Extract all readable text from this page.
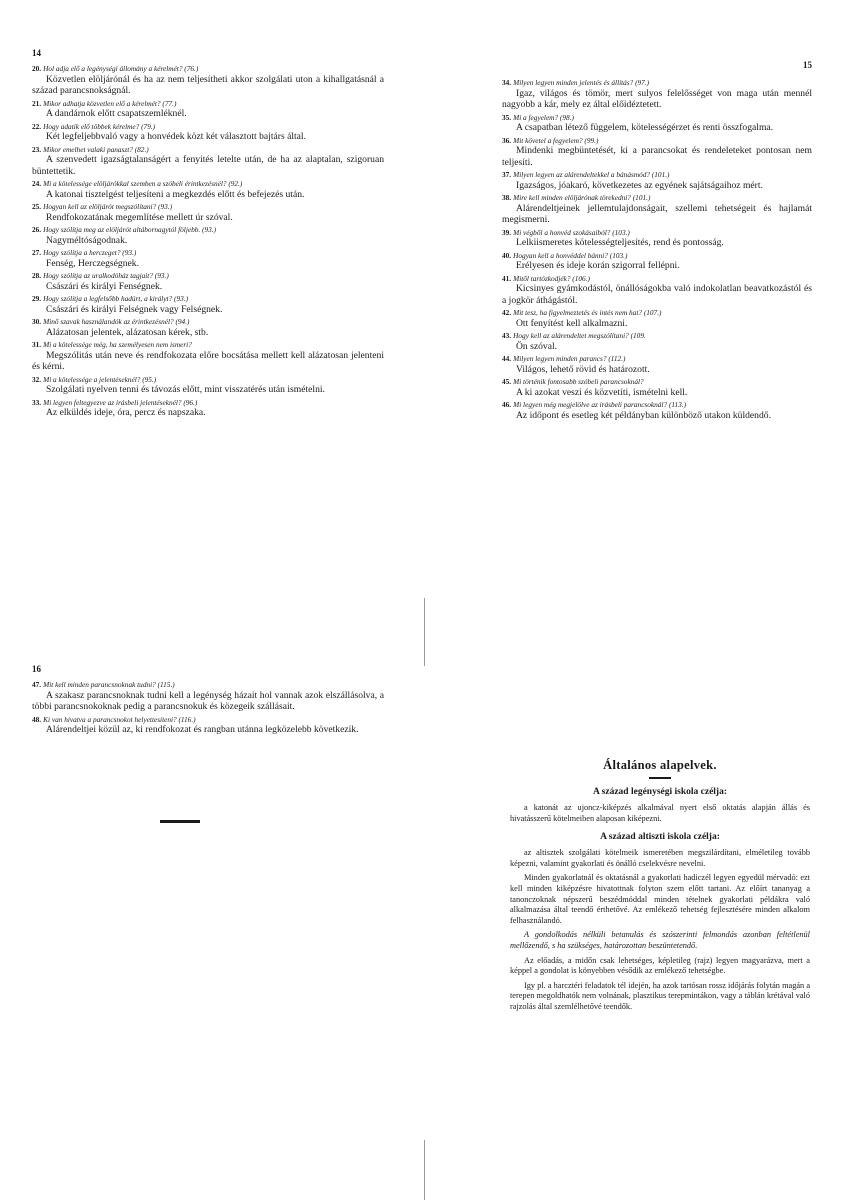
14
20. Hol adja elő a legénységi állomány a kérelmét? (76.)

Közvetlen elöljárónál és ha az nem teljesítheti akkor szolgálati uton a kihallgatásnál a század parancsnokságnál.

21. Mikor adhatja közvetlen elő a kérelmét? (77.)

A dandárnok előtt csapatszemléknél.

22. Hogy adatik elő többek kérelme? (79.)

Két legfeljebbvaló vagy a honvédek közt két választott bajtárs által.

23. Mikor emelhet valaki panaszt? (82.)

A szenvedett igazságtalanságért a fenyités letelte után, de ha az alaptalan, szigoruan büntettetik.

24. Mi a kötelessége elöljárókkal szemben a szóbeli érintkezésnél? (92.)

A katonai tisztelgést teljesíteni a megkezdés előtt és befejezés után.

25. Hogyan kell az elöljárót megszólítani? (93.)

Rendfokozatának megemlítése mellett úr szóval.

26. Hogy szólítja meg az elöljárót altábornagytól följebb. (93.)

Nagyméltóságodnak.

27. Hogy szólítja a herczeget? (93.)

Fenség, Herczegségnek.

28. Hogy szólítja az uralkodóház tagjait? (93.)

Császári és királyi Fenségnek.

29. Hogy szólítja a legfelsőbb hadúrt, a királyt? (93.)

Császári és királyi Felségnek vagy Felségnek.

30. Minő szavak használandók az érintkezésnél? (94.)

Alázatosan jelentek, alázatosan kérek, stb.

31. Mi a kötelessége még, ha személyesen nem ismeri?

Megszólitás után neve és rendfokozata előre bocsátása mellett kell alázatosan jelenteni és kérni.

32. Mi a kötelessége a jelentéseknél? (95.)

Szolgálati nyelven tenni és távozás előtt, mint visszatérés után ismételni.

33. Mi legyen feltegyezve az irásbeli jelentéseknél? (96.)

Az elküldés ideje, óra, percz és napszaka.

15
34. Milyen legyen minden jelentés és állítás? (97.)

Igaz, világos és tömör, mert sulyos felelősséget von maga után mennél nagyobb a kár, mely ez által előidéztetett.

35. Mi a fegyelem? (98.)

A csapatban létező függelem, kötelességérzet és renti összfogalma.

36. Mit követel a fegyelem? (99.)

Mindenki megbüntetését, ki a parancsokat és rendeleteket pontosan nem teljesíti.

37. Milyen legyen az alárendeltekkel a bánásmód? (101.)

Igazságos, jóakaró, következetes az egyének sajátságaihoz mért.

38. Mire kell minden elöljárónak törekedni? (101.)

Alárendeltjeinek jellemtulajdonságait, szellemi tehetségeit és hajlamát megismerni.

39. Mi végből a honvéd szokásaiból? (103.)

Lelkiismeretes kötelességteljesítés, rend és pontosság.

40. Hogyan kell a honvéddel bánni? (103.)

Erélyesen és ideje korán szigorral fellépni.

41. Mitől tartózkodjék? (106.)

Kicsinyes gyámkodástól, önállóságokba való indokolatlan beavatkozástól és a jogkör áthágástól.

42. Mit tesz, ha figyelmeztetés és intés nem hat? (107.)

Ott fenyítést kell alkalmazni.

43. Hogy kell az alárendeltet megszólítani? (109.

Ön szóval.

44. Milyen legyen minden parancs? (112.)

Világos, lehető rövid és határozott.

45. Mi történik fontosabb szóbeli parancsoknál?

A ki azokat veszi és közvetíti, ismételni kell.

46. Mi legyen még megjelölve az irásbeli parancsoknál? (113.)

Az időpont és esetleg két példányban különböző utakon küldendő.

16
47. Mit kell minden parancsnoknak tudni? (115.)

A szakasz parancsnoknak tudni kell a legénység házait hol vannak azok elszállásolva, a többi parancsnokoknak pedig a parancsnokuk és közegeik szállásait.

48. Ki van hivatva a parancsnokot helyettesíteni? (116.)

Alárendeltjei közül az, ki rendfokozat és rangban utánna legközelebb következik.

Általános alapelvek.
A század legénységi iskola czélja:

a katonát az ujoncz-kiképzés alkalmával nyert első oktatás alapján állás és hivatásszerű kötelmeiben alaposan kiképezni.

A század altiszti iskola czélja:

az altisztek szolgálati kötelmeik ismeretében megszilárdítani, elméletileg tovább képezni, valamint gyakorlati és önálló cselekvésre nevelni.

Minden gyakorlatnál és oktatásnál a gyakorlati hadiczél legyen egyedül mérvadó: ezt kell minden kiképzésre hivatottnak folyton szem előtt tartani. Az előírt tananyag a tanonczoknak népszerű beszédmóddal minden tételnek gyakorlati példákra való alkalmazása által teendő érthetővé. Az emlékező tehetség fejlesztésére minden alkalom felhasználandó.

A gondolkodás nélküli betanulás és szószerinti felmondás azonban feltétlenül mellőzendő, s ha szükséges, határozottan beszüntetendő.

Az előadás, a midőn csak lehetséges, képletileg (rajz) legyen magyarázva, mert a képpel a gondolat is könyebben vésődik az emlékező tehetségbe.

Igy pl. a harcztéri feladatok tél idején, ha azok tartósan rossz időjárás folytán magán a terepen megoldhatók nem volnának, plasztikus terepmintákon, vagy a táblán krétával való rajzolás által szemlélhetővé teendők.
